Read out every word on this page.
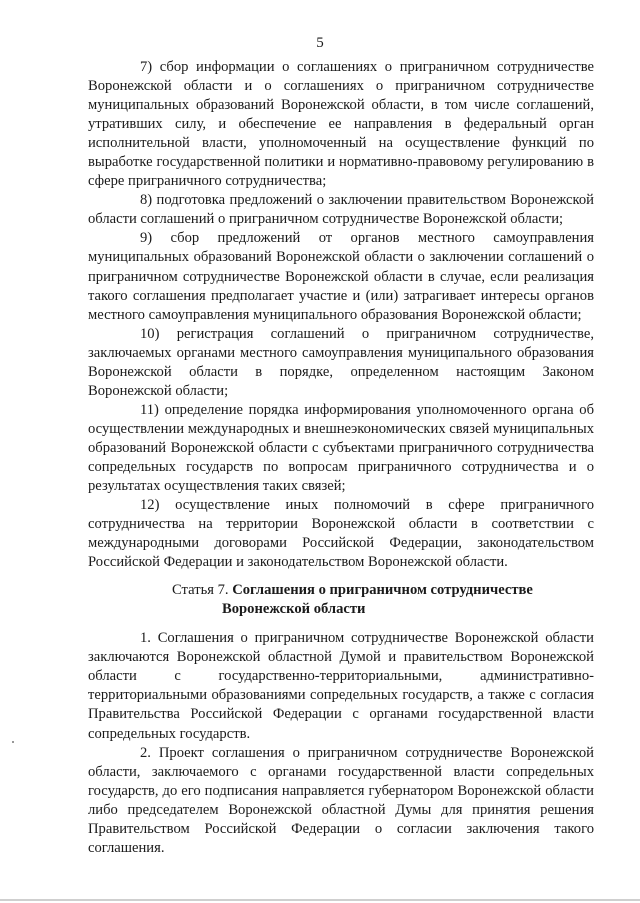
5

7) сбор информации о соглашениях о приграничном сотрудничестве Воронежской области и о соглашениях о приграничном сотрудничестве муниципальных образований Воронежской области, в том числе соглашений, утративших силу, и обеспечение ее направления в федеральный орган исполнительной власти, уполномоченный на осуществление функций по выработке государственной политики и нормативно-правовому регулированию в сфере приграничного сотрудничества;

8) подготовка предложений о заключении правительством Воронежской области соглашений о приграничном сотрудничестве Воронежской области;

9) сбор предложений от органов местного самоуправления муниципальных образований Воронежской области о заключении соглашений о приграничном сотрудничестве Воронежской области в случае, если реализация такого соглашения предполагает участие и (или) затрагивает интересы органов местного самоуправления муниципального образования Воронежской области;

10) регистрация соглашений о приграничном сотрудничестве, заключаемых органами местного самоуправления муниципального образования Воронежской области в порядке, определенном настоящим Законом Воронежской области;

11) определение порядка информирования уполномоченного органа об осуществлении международных и внешнеэкономических связей муниципальных образований Воронежской области с субъектами приграничного сотрудничества сопредельных государств по вопросам приграничного сотрудничества и о результатах осуществления таких связей;

12) осуществление иных полномочий в сфере приграничного сотрудничества на территории Воронежской области в соответствии с международными договорами Российской Федерации, законодательством Российской Федерации и законодательством Воронежской области.

Статья 7. Соглашения о приграничном сотрудничестве
Воронежской области

1. Соглашения о приграничном сотрудничестве Воронежской области заключаются Воронежской областной Думой и правительством Воронежской области с государственно-территориальными, административно-территориальными образованиями сопредельных государств, а также с согласия Правительства Российской Федерации с органами государственной власти сопредельных государств.

2. Проект соглашения о приграничном сотрудничестве Воронежской области, заключаемого с органами государственной власти сопредельных государств, до его подписания направляется губернатором Воронежской области либо председателем Воронежской областной Думы для принятия решения Правительством Российской Федерации о согласии заключения такого соглашения.
